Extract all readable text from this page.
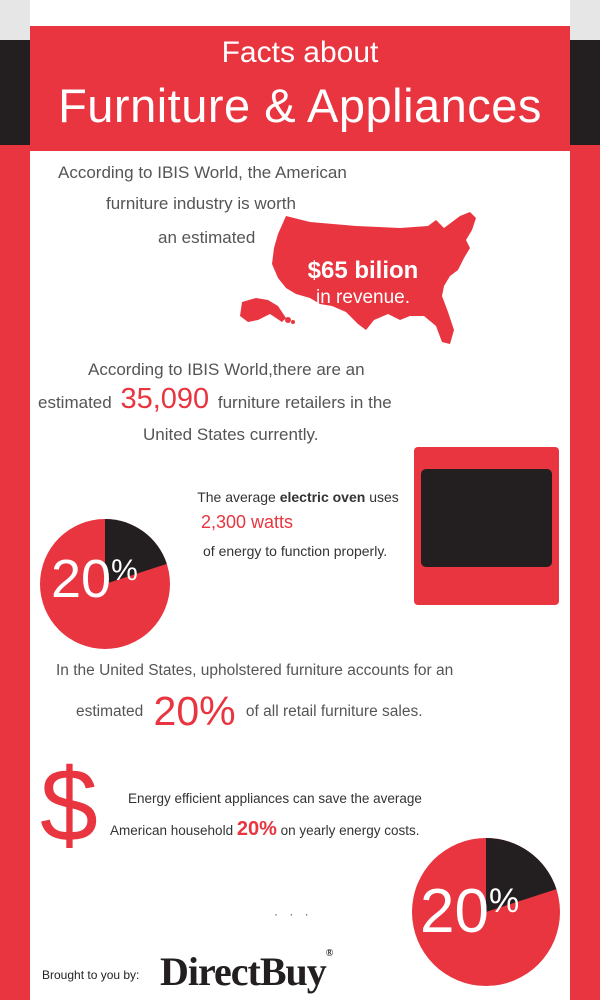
Facts about
Furniture & Appliances
According to IBIS World, the American
furniture industry is worth
an estimated
$65 bilion
in revenue.
According to IBIS World,there are an
estimated 35,090 furniture retailers in the
United States currently.
The average electric oven uses
2,300 watts
of energy to function properly.
20%
In the United States, upholstered furniture accounts for an
estimated 20% of all retail furniture sales.
$ Energy efficient appliances can save the average
American household 20% on yearly energy costs.
· · · 20%
Brought to you by: DirectBuy®
